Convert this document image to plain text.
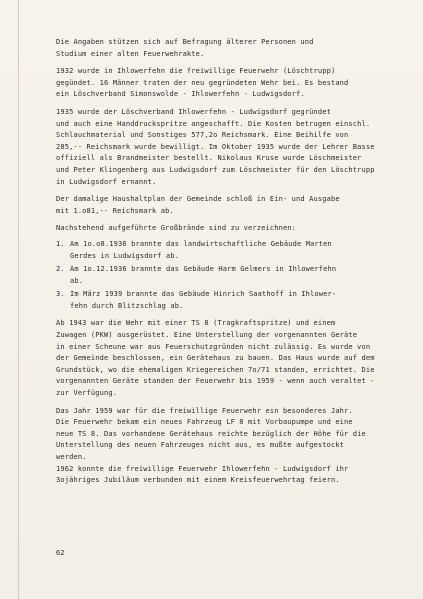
Die Angaben stützen sich auf Befragung älterer Personen und
Studium einer alten Feuerwehrakte.

1932 wurde in Ihlowerfehn die freiwillige Feuerwehr (Löschtrupp)
gegündet. 16 Männer traten der neu gegründeten Wehr bei. Es bestand
ein Löschverband Simonswolde - Ihlowerfehn - Ludwigsdorf.

1935 wurde der Löschverband Ihlowerfehn - Ludwigsdorf gegründet
und auch eine Handdruckspritze angeschafft. Die Kosten betrugen einschl.
Schlauchmaterial und Sonstiges 577,2o Reichsmark. Eine Beihilfe von
285,-- Reichsmark wurde bewilligt. Im Oktober 1935 wurde der Lehrer Basse
offiziell als Brandmeister bestellt. Nikolaus Kruse wurde Löschmeister
und Peter Klingenberg aus Ludwigsdorf zum Löschmeister für den Löschtrupp
in Ludwigsdorf ernannt.

Der damalige Haushaltplan der Gemeinde schloß in Ein- und Ausgabe
mit 1.o81,-- Reichsmark ab.

Nachstehend aufgeführte Großbrände sind zu verzeichnen:

1. Am 1o.o8.1936 brannte das landwirtschaftliche Gebäude Marten
Gerdes in Ludwigsdorf ab.
2. Am 1o.12.1936 brannte das Gebäude Harm Gelmers in Ihlowerfehn
ab.
3. Im März 1939 brannte das Gebäude Hinrich Saathoff in Ihlower-
fehn durch Blitzschlag ab.

Ab 1943 war die Wehr mit einer TS 8 (Tragkraftspritze) und einem
Zuwagen (PKW) ausgerüstet. Eine Unterstellung der vorgenannten Geräte
in einer Scheune war aus Feuerschutzgründen nicht zulässig. Es wurde von
der Gemeinde beschlossen, ein Gerätehaus zu bauen. Das Haus wurde auf dem
Grundstück, wo die ehemaligen Kriegereichen 7o/71 standen, errichtet. Die
vorgenannten Geräte standen der Feuerwehr bis 1959 - wenn auch veraltet -
zur Verfügung.

Das Jahr 1959 war für die freiwillige Feuerwehr ein besonderes Jahr.
Die Feuerwehr bekam ein neues Fahrzeug LF 8 mit Vorbaupumpe und eine
neue TS 8. Das vorhandene Gerätehaus reichte bezüglich der Höhe für die
Unterstellung des neuen Fahrzeuges nicht aus, es mußte aufgestockt werden.
1962 konnte die freiwillige Feuerwehr Ihlowerfehn - Ludwigsdorf ihr
3ojähriges Jubiläum verbunden mit einem Kreisfeuerwehrtag feiern.

62
